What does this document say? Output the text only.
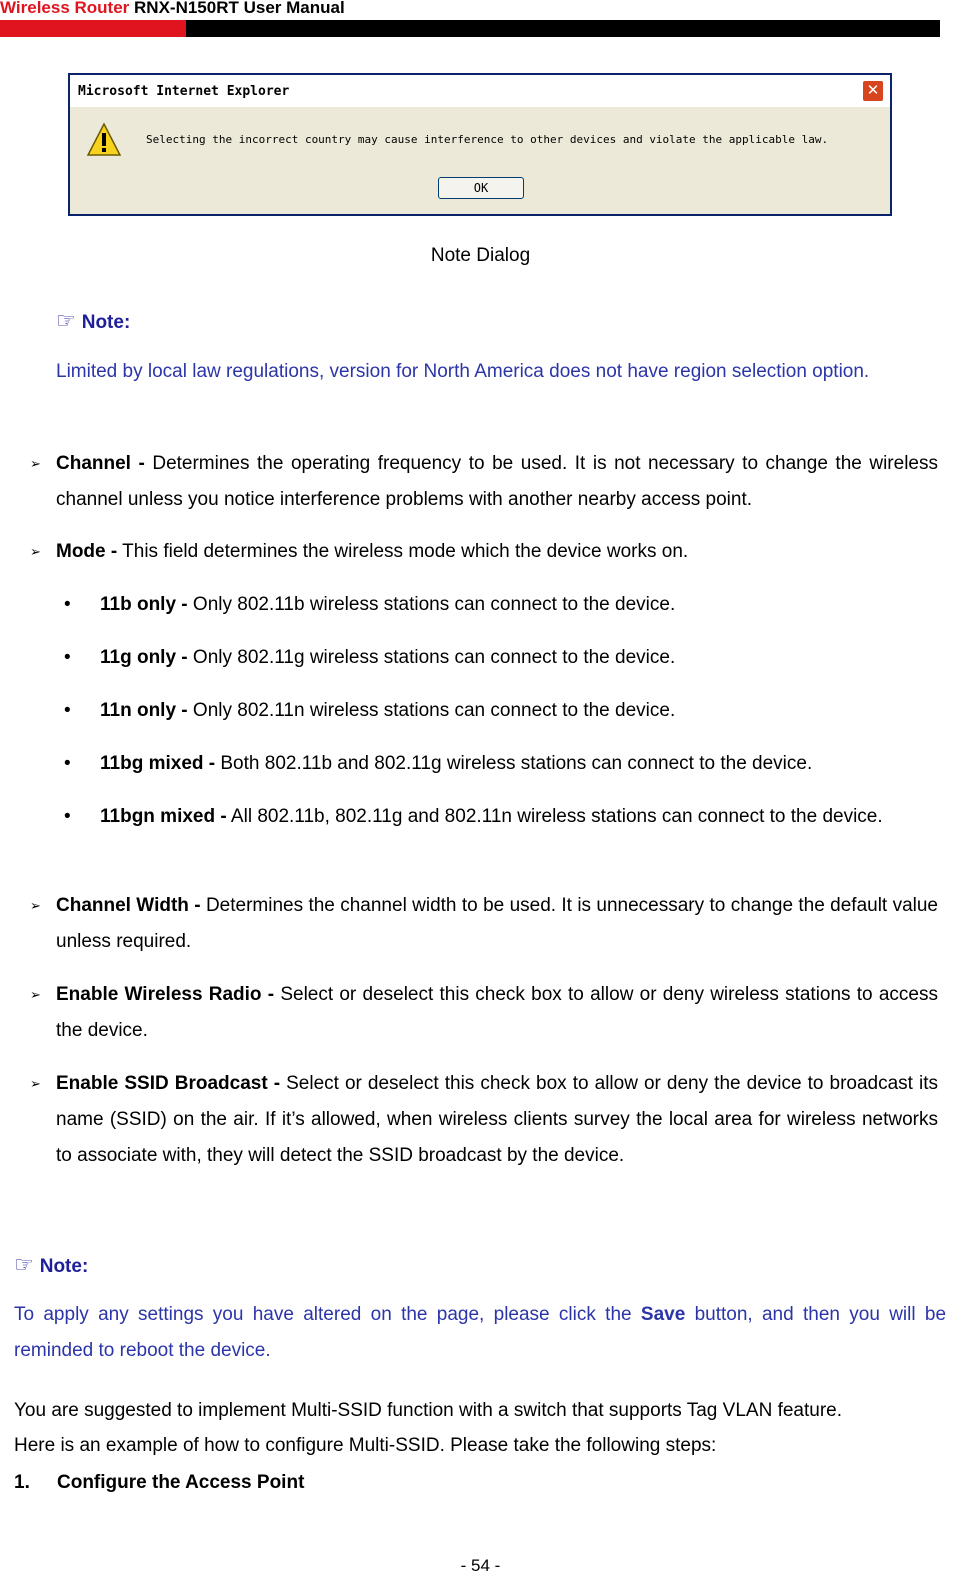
Wireless Router RNX-N150RT User Manual
Microsoft Internet Explorer	✕
Selecting the incorrect country may cause interference to other devices and violate the applicable law.
OK
Note Dialog
☞ Note:
Limited by local law regulations, version for North America does not have region selection option.
➢ Channel - Determines the operating frequency to be used. It is not necessary to change the wireless channel unless you notice interference problems with another nearby access point.
➢ Mode - This field determines the wireless mode which the device works on.
• 11b only - Only 802.11b wireless stations can connect to the device.
• 11g only - Only 802.11g wireless stations can connect to the device.
• 11n only - Only 802.11n wireless stations can connect to the device.
• 11bg mixed - Both 802.11b and 802.11g wireless stations can connect to the device.
• 11bgn mixed - All 802.11b, 802.11g and 802.11n wireless stations can connect to the device.
➢ Channel Width - Determines the channel width to be used. It is unnecessary to change the default value unless required.
➢ Enable Wireless Radio - Select or deselect this check box to allow or deny wireless stations to access the device.
➢ Enable SSID Broadcast - Select or deselect this check box to allow or deny the device to broadcast its name (SSID) on the air. If it’s allowed, when wireless clients survey the local area for wireless networks to associate with, they will detect the SSID broadcast by the device.
☞ Note:
To apply any settings you have altered on the page, please click the Save button, and then you will be reminded to reboot the device.
You are suggested to implement Multi-SSID function with a switch that supports Tag VLAN feature.
Here is an example of how to configure Multi-SSID. Please take the following steps:
1. Configure the Access Point
- 54 -
